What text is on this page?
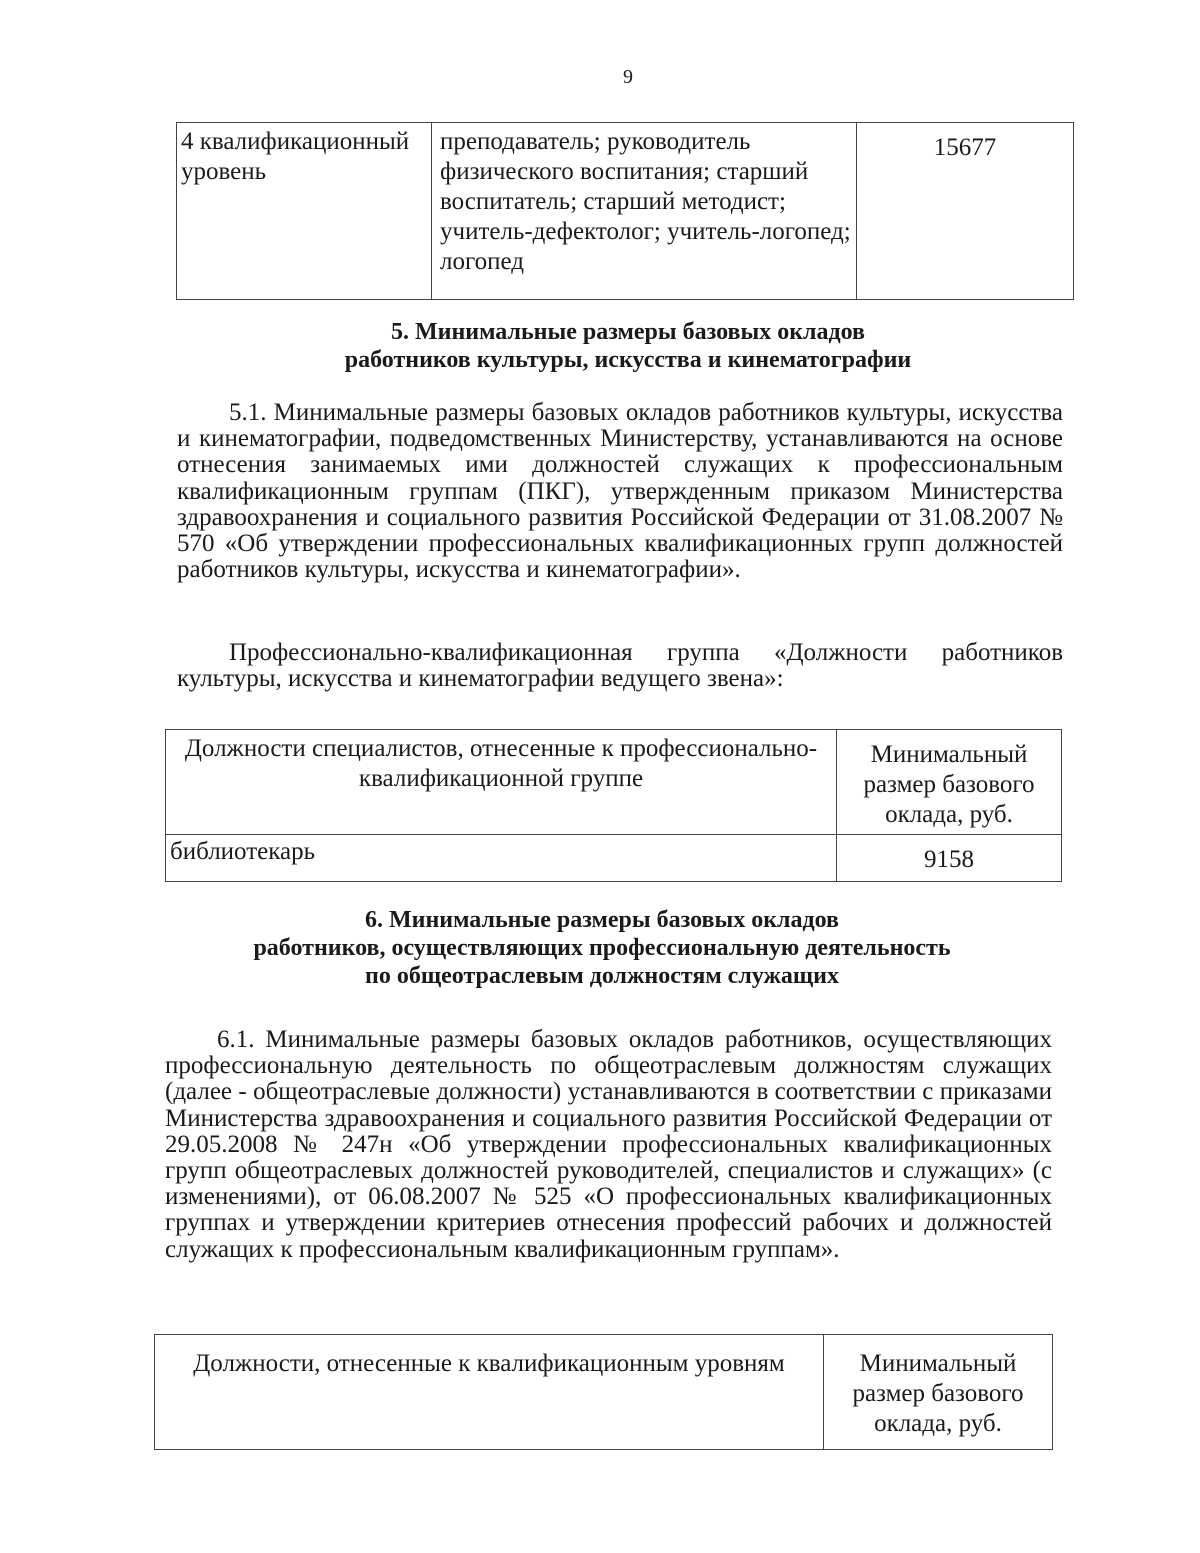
9
4 квалификационный уровень	преподаватель; руководитель физического воспитания; старший воспитатель; старший методист; учитель-дефектолог; учитель-логопед; логопед	15677
5. Минимальные размеры базовых окладов
работников культуры, искусства и кинематографии
5.1. Минимальные размеры базовых окладов работников культуры, искусства и кинематографии, подведомственных Министерству, устанавливаются на основе отнесения занимаемых ими должностей служащих к профессиональным квалификационным группам (ПКГ), утвержденным приказом Министерства здравоохранения и социального развития Российской Федерации от 31.08.2007 № 570 «Об утверждении профессиональных квалификационных групп должностей работников культуры, искусства и кинематографии».
Профессионально-квалификационная группа «Должности работников культуры, искусства и кинематографии ведущего звена»:
Должности специалистов, отнесенные к профессионально-квалификационной группе	Минимальный размер базового оклада, руб.
библиотекарь	9158
6. Минимальные размеры базовых окладов
работников, осуществляющих профессиональную деятельность
по общеотраслевым должностям служащих
6.1. Минимальные размеры базовых окладов работников, осуществляющих профессиональную деятельность по общеотраслевым должностям служащих (далее - общеотраслевые должности) устанавливаются в соответствии с приказами Министерства здравоохранения и социального развития Российской Федерации от 29.05.2008 № 247н «Об утверждении профессиональных квалификационных групп общеотраслевых должностей руководителей, специалистов и служащих» (с изменениями), от 06.08.2007 № 525 «О профессиональных квалификационных группах и утверждении критериев отнесения профессий рабочих и должностей служащих к профессиональным квалификационным группам».
Должности, отнесенные к квалификационным уровням	Минимальный размер базового оклада, руб.
